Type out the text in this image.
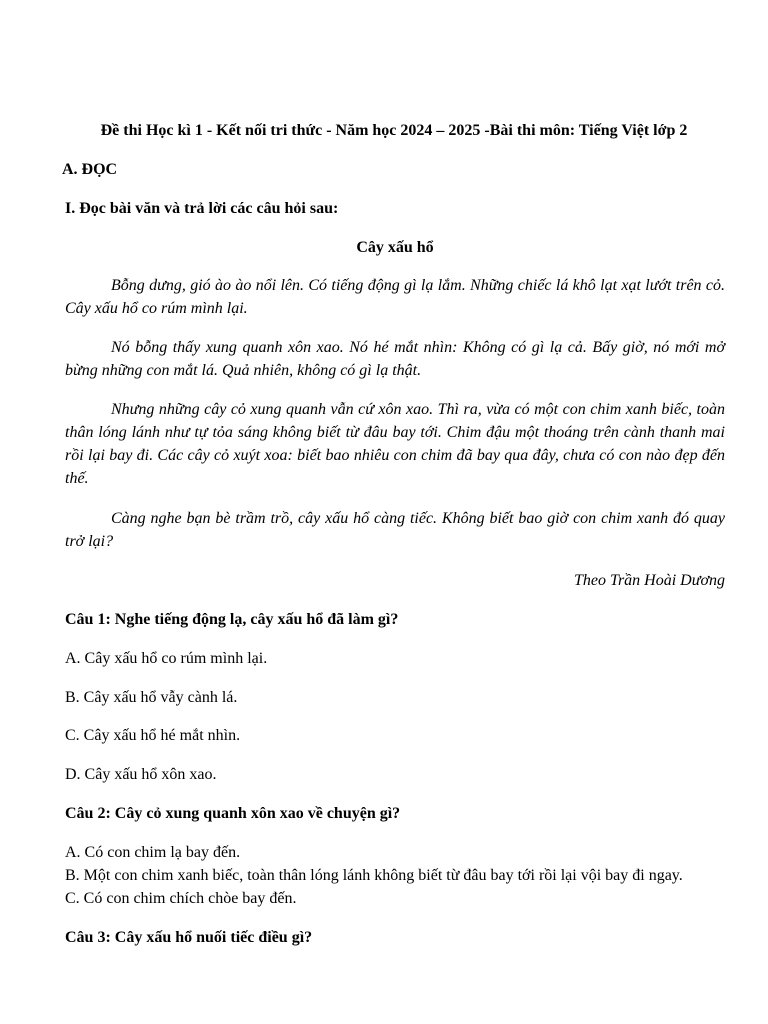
Đề thi Học kì 1 - Kết nối tri thức - Năm học 2024 – 2025 -Bài thi môn: Tiếng Việt lớp 2

A. ĐỌC

I. Đọc bài văn và trả lời các câu hỏi sau:

Cây xấu hổ

Bỗng dưng, gió ào ào nổi lên. Có tiếng động gì lạ lắm. Những chiếc lá khô lạt xạt lướt trên cỏ. Cây xấu hổ co rúm mình lại.

Nó bỗng thấy xung quanh xôn xao. Nó hé mắt nhìn: Không có gì lạ cả. Bấy giờ, nó mới mở bừng những con mắt lá. Quả nhiên, không có gì lạ thật.

Nhưng những cây cỏ xung quanh vẫn cứ xôn xao. Thì ra, vừa có một con chim xanh biếc, toàn thân lóng lánh như tự tỏa sáng không biết từ đâu bay tới. Chim đậu một thoáng trên cành thanh mai rồi lại bay đi. Các cây cỏ xuýt xoa: biết bao nhiêu con chim đã bay qua đây, chưa có con nào đẹp đến thế.

Càng nghe bạn bè trầm trồ, cây xấu hổ càng tiếc. Không biết bao giờ con chim xanh đó quay trở lại?

Theo Trần Hoài Dương

Câu 1: Nghe tiếng động lạ, cây xấu hổ đã làm gì?

A. Cây xấu hổ co rúm mình lại.

B. Cây xấu hổ vẫy cành lá.

C. Cây xấu hổ hé mắt nhìn.

D. Cây xấu hổ xôn xao.

Câu 2: Cây cỏ xung quanh xôn xao về chuyện gì?

A. Có con chim lạ bay đến.
B. Một con chim xanh biếc, toàn thân lóng lánh không biết từ đâu bay tới rồi lại vội bay đi ngay.
C. Có con chim chích chòe bay đến.

Câu 3: Cây xấu hổ nuối tiếc điều gì?
